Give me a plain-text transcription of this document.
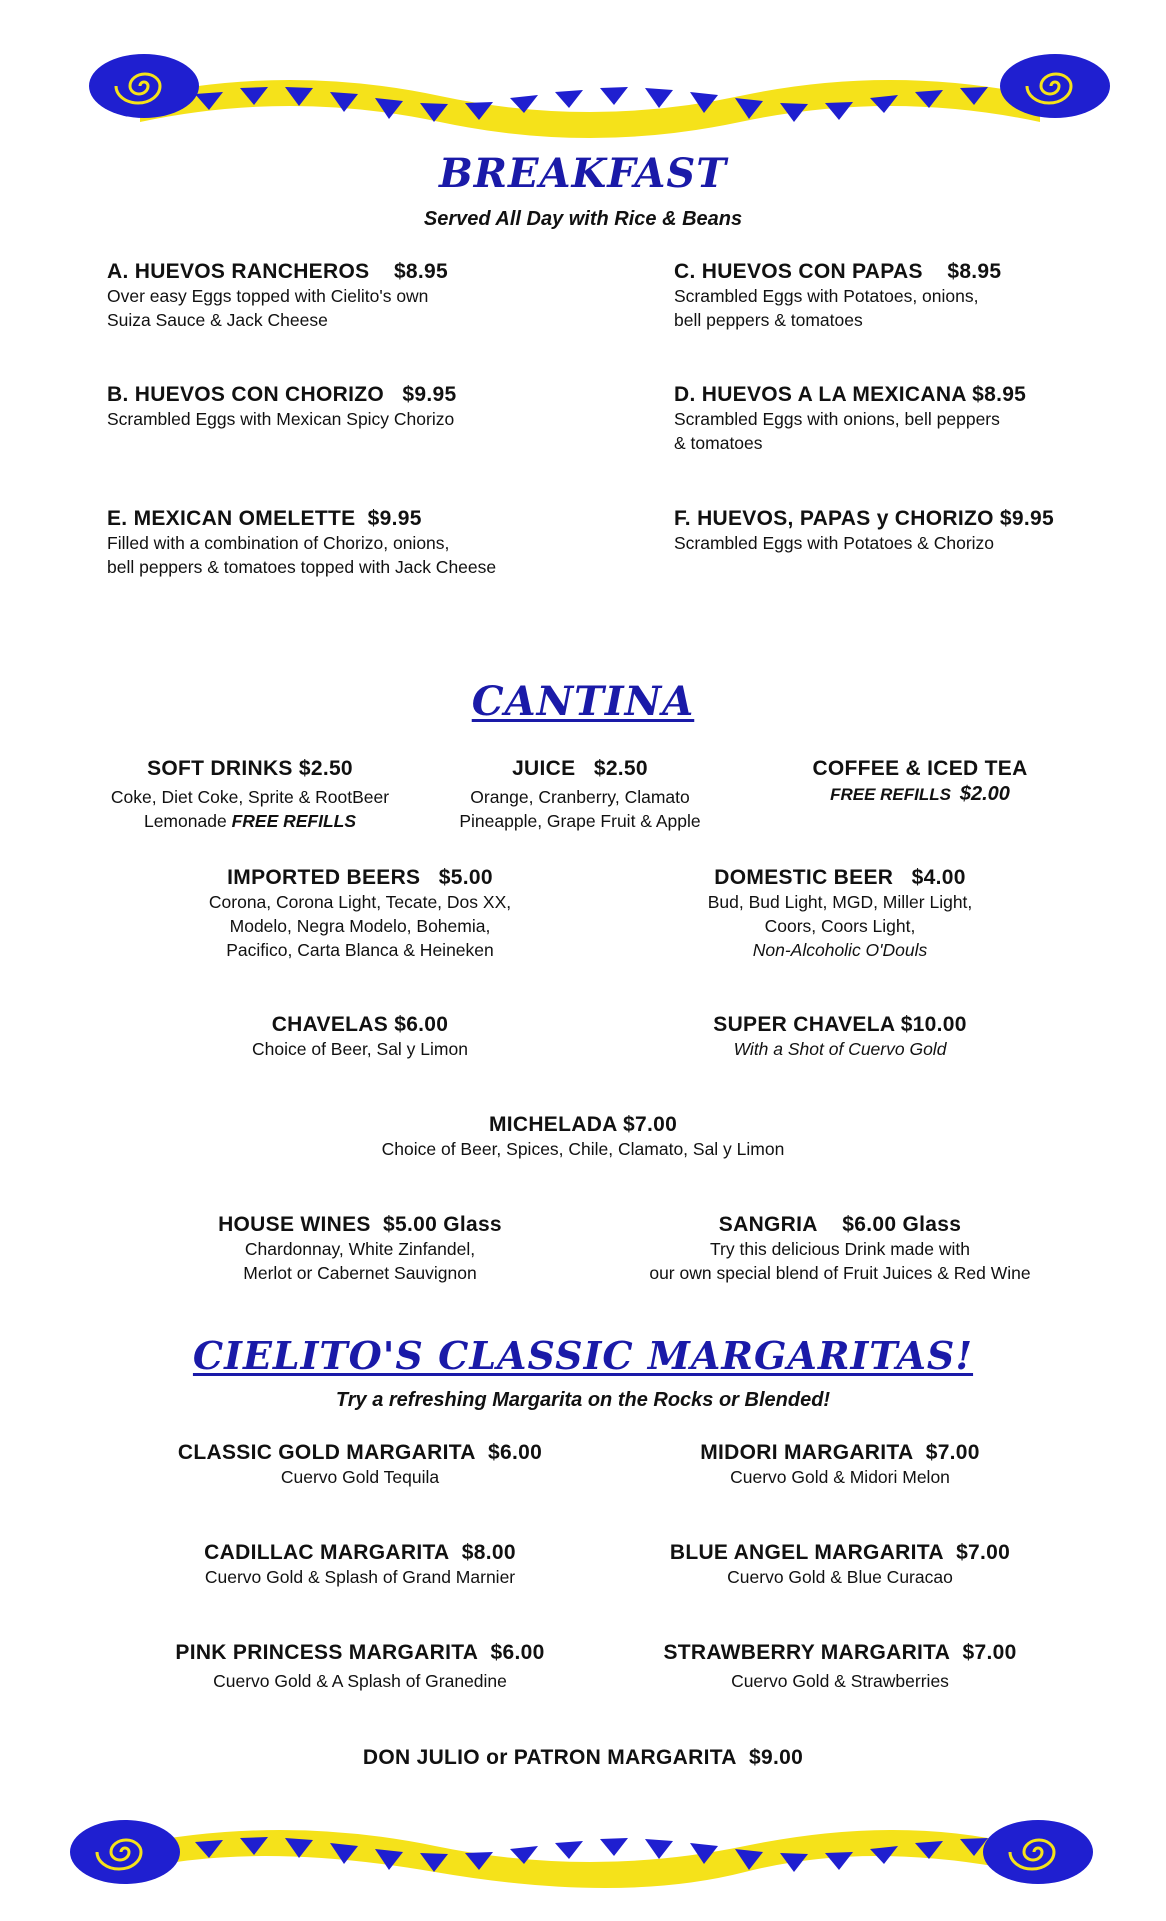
BREAKFAST
Served All Day with Rice & Beans
A. HUEVOS RANCHEROS $8.95
Over easy Eggs topped with Cielito's own
Suiza Sauce & Jack Cheese
C. HUEVOS CON PAPAS $8.95
Scrambled Eggs with Potatoes, onions,
bell peppers & tomatoes
B. HUEVOS CON CHORIZO $9.95
Scrambled Eggs with Mexican Spicy Chorizo
D. HUEVOS A LA MEXICANA $8.95
Scrambled Eggs with onions, bell peppers
& tomatoes
E. MEXICAN OMELETTE $9.95
Filled with a combination of Chorizo, onions,
bell peppers & tomatoes topped with Jack Cheese
F. HUEVOS, PAPAS y CHORIZO $9.95
Scrambled Eggs with Potatoes & Chorizo
CANTINA
SOFT DRINKS $2.50
Coke, Diet Coke, Sprite & RootBeer
Lemonade FREE REFILLS
JUICE $2.50
Orange, Cranberry, Clamato
Pineapple, Grape Fruit & Apple
COFFEE & ICED TEA
FREE REFILLS $2.00
IMPORTED BEERS $5.00
Corona, Corona Light, Tecate, Dos XX,
Modelo, Negra Modelo, Bohemia,
Pacifico, Carta Blanca & Heineken
DOMESTIC BEER $4.00
Bud, Bud Light, MGD, Miller Light,
Coors, Coors Light,
Non-Alcoholic O'Douls
CHAVELAS $6.00
Choice of Beer, Sal y Limon
SUPER CHAVELA $10.00
With a Shot of Cuervo Gold
MICHELADA $7.00
Choice of Beer, Spices, Chile, Clamato, Sal y Limon
HOUSE WINES $5.00 Glass
Chardonnay, White Zinfandel,
Merlot or Cabernet Sauvignon
SANGRIA $6.00 Glass
Try this delicious Drink made with
our own special blend of Fruit Juices & Red Wine
CIELITO'S CLASSIC MARGARITAS!
Try a refreshing Margarita on the Rocks or Blended!
CLASSIC GOLD MARGARITA $6.00
Cuervo Gold Tequila
MIDORI MARGARITA $7.00
Cuervo Gold & Midori Melon
CADILLAC MARGARITA $8.00
Cuervo Gold & Splash of Grand Marnier
BLUE ANGEL MARGARITA $7.00
Cuervo Gold & Blue Curacao
PINK PRINCESS MARGARITA $6.00
Cuervo Gold & A Splash of Granedine
STRAWBERRY MARGARITA $7.00
Cuervo Gold & Strawberries
DON JULIO or PATRON MARGARITA $9.00
